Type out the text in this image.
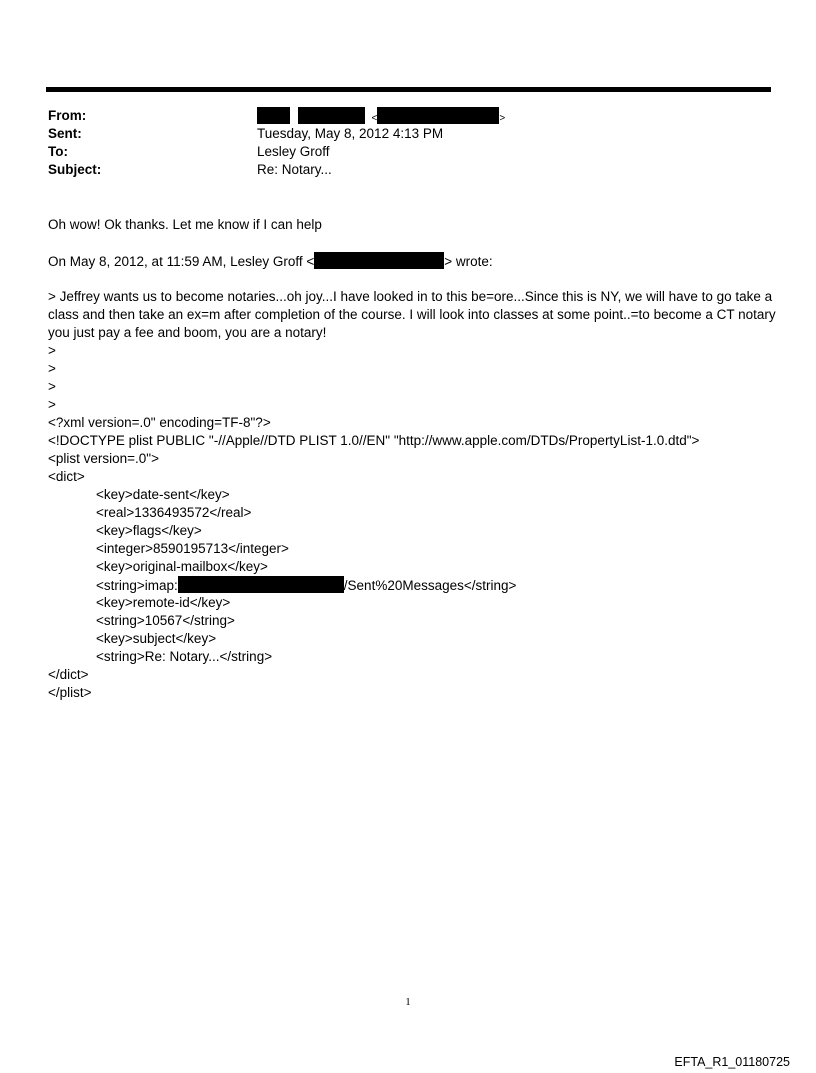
From:	<	>
Sent:	Tuesday, May 8, 2012 4:13 PM
To:	Lesley Groff
Subject:	Re: Notary...
Oh wow! Ok thanks. Let me know if I can help
On May 8, 2012, at 11:59 AM, Lesley Groff <	> wrote:
> Jeffrey wants us to become notaries...oh joy...I have looked in to this be=ore...Since this is NY, we will have to go take a class and then take an ex=m after completion of the course. I will look into classes at some point..=to become a CT notary you just pay a fee and boom, you are a notary!
>
>
>
>
<?xml version=.0" encoding=TF-8"?>
<!DOCTYPE plist PUBLIC "-//Apple//DTD PLIST 1.0//EN" "http://www.apple.com/DTDs/PropertyList-1.0.dtd">
<plist version=.0">
<dict>
<key>date-sent</key>
<real>1336493572</real>
<key>flags</key>
<integer>8590195713</integer>
<key>original-mailbox</key>
<string>imap:	/Sent%20Messages</string>
<key>remote-id</key>
<string>10567</string>
<key>subject</key>
<string>Re: Notary...</string>
</dict>
</plist>
1
EFTA_R1_01180725
